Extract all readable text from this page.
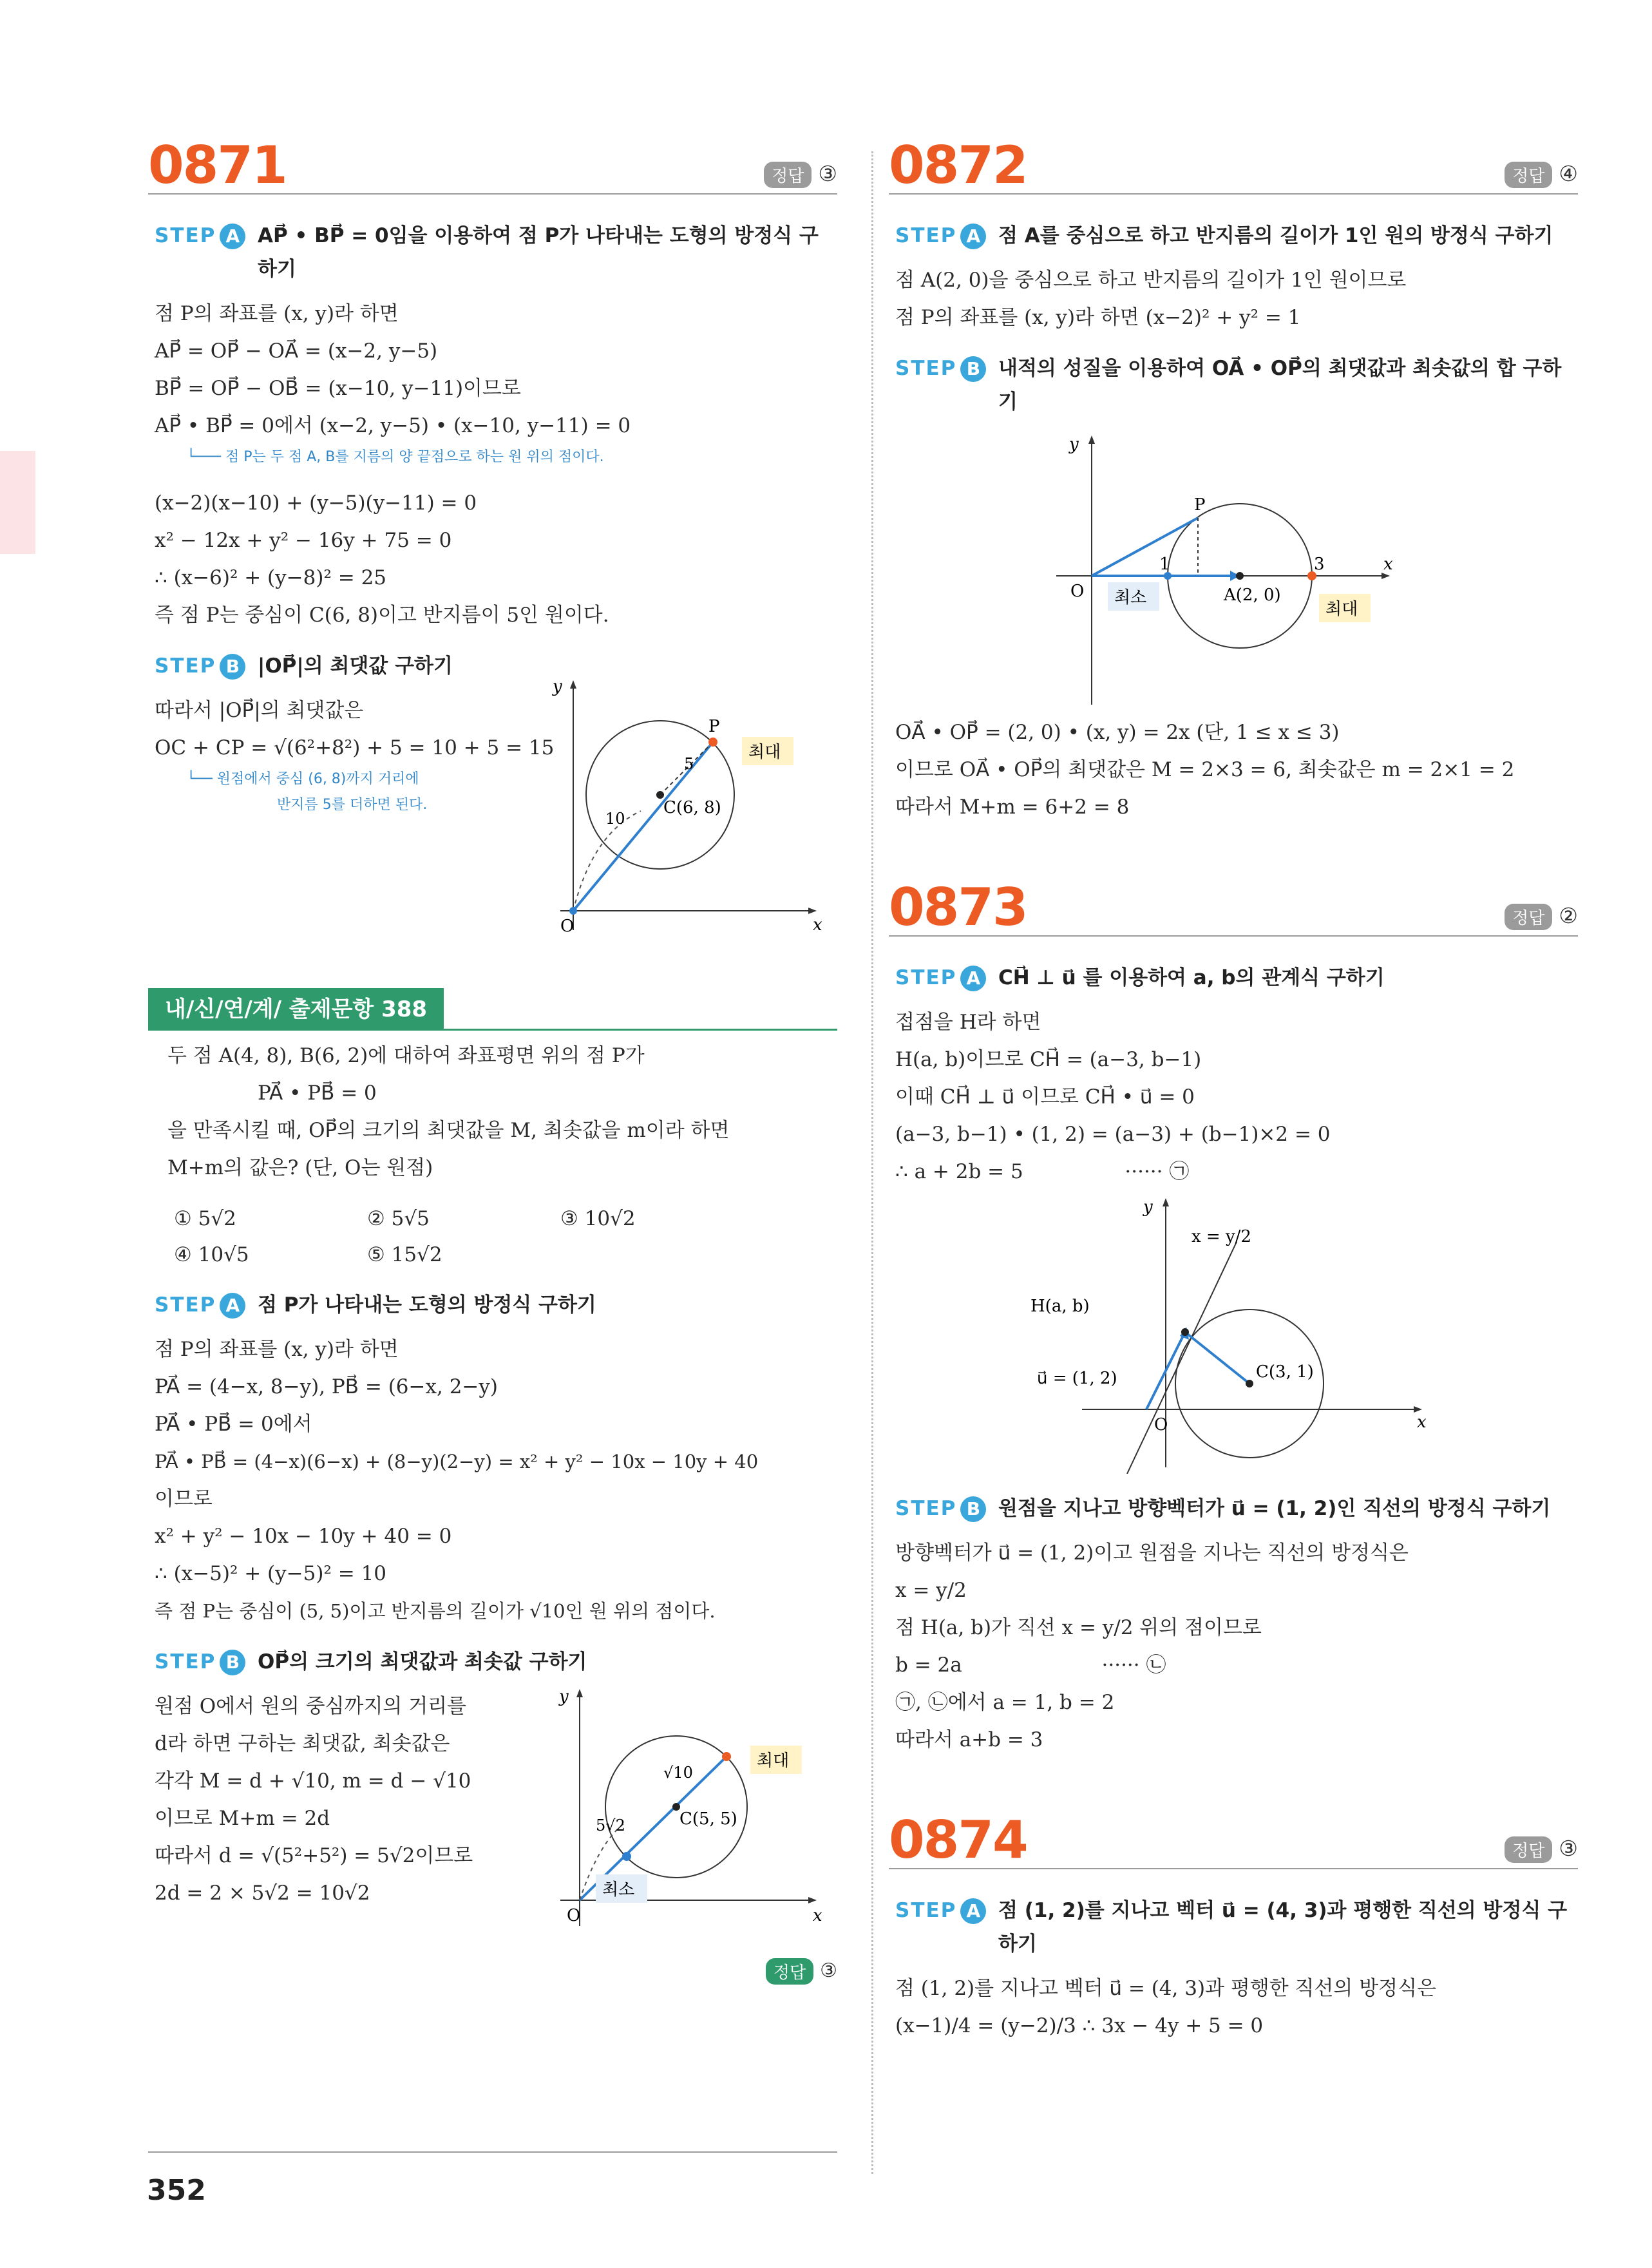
0871	정답 ③
STEP A AP⃗ • BP⃗ = 0임을 이용하여 점 P가 나타내는 도형의 방정식 구하기
점 P의 좌표를 (x, y)라 하면
AP⃗ = OP⃗ − OA⃗ = (x−2, y−5)
BP⃗ = OP⃗ − OB⃗ = (x−10, y−11)이므로
AP⃗ • BP⃗ = 0에서 (x−2, y−5) • (x−10, y−11) = 0
└─── 점 P는 두 점 A, B를 지름의 양 끝점으로 하는 원 위의 점이다.
(x−2)(x−10) + (y−5)(y−11) = 0
x² − 12x + y² − 16y + 75 = 0
∴ (x−6)² + (y−8)² = 25
즉 점 P는 중심이 C(6, 8)이고 반지름이 5인 원이다.
STEP B |OP⃗|의 최댓값 구하기
따라서 |OP⃗|의 최댓값은
OC + CP = √(6²+8²) + 5 = 10 + 5 = 15
└── 원점에서 중심 (6, 8)까지 거리에
반지름 5를 더하면 된다.
y
x
O
P
C(6, 8)
5
10
최대
내/신/연/계/ 출제문항 388
두 점 A(4, 8), B(6, 2)에 대하여 좌표평면 위의 점 P가
PA⃗ • PB⃗ = 0
을 만족시킬 때, OP⃗의 크기의 최댓값을 M, 최솟값을 m이라 하면
M+m의 값은? (단, O는 원점)
① 5√2	② 5√5	③ 10√2
④ 10√5	⑤ 15√2
STEP A 점 P가 나타내는 도형의 방정식 구하기
점 P의 좌표를 (x, y)라 하면
PA⃗ = (4−x, 8−y), PB⃗ = (6−x, 2−y)
PA⃗ • PB⃗ = 0에서
PA⃗ • PB⃗ = (4−x)(6−x) + (8−y)(2−y) = x² + y² − 10x − 10y + 40
이므로
x² + y² − 10x − 10y + 40 = 0
∴ (x−5)² + (y−5)² = 10
즉 점 P는 중심이 (5, 5)이고 반지름의 길이가 √10인 원 위의 점이다.
STEP B OP⃗의 크기의 최댓값과 최솟값 구하기
원점 O에서 원의 중심까지의 거리를
d라 하면 구하는 최댓값, 최솟값은
각각 M = d + √10, m = d − √10
이므로 M+m = 2d
따라서 d = √(5²+5²) = 5√2이므로
2d = 2 × 5√2 = 10√2
y
x
O
C(5, 5)
√10
5√2
최대
최소
정답 ③
352
0872	정답 ④
STEP A 점 A를 중심으로 하고 반지름의 길이가 1인 원의 방정식 구하기
점 A(2, 0)을 중심으로 하고 반지름의 길이가 1인 원이므로
점 P의 좌표를 (x, y)라 하면 (x−2)² + y² = 1
STEP B 내적의 성질을 이용하여 OA⃗ • OP⃗의 최댓값과 최솟값의 합 구하기
y
x
O
P
1	3
A(2, 0)
최소
최대
OA⃗ • OP⃗ = (2, 0) • (x, y) = 2x (단, 1 ≤ x ≤ 3)
이므로 OA⃗ • OP⃗의 최댓값은 M = 2×3 = 6, 최솟값은 m = 2×1 = 2
따라서 M+m = 6+2 = 8
0873	정답 ②
STEP A CH⃗ ⊥ u⃗ 를 이용하여 a, b의 관계식 구하기
접점을 H라 하면
H(a, b)이므로 CH⃗ = (a−3, b−1)
이때 CH⃗ ⊥ u⃗ 이므로 CH⃗ • u⃗ = 0
(a−3, b−1) • (1, 2) = (a−3) + (b−1)×2 = 0
∴ a + 2b = 5                ······ ㉠
y
x
O
H(a, b)
C(3, 1)
u⃗ = (1, 2)
x = y/2
STEP B 원점을 지나고 방향벡터가 u⃗ = (1, 2)인 직선의 방정식 구하기
방향벡터가 u⃗ = (1, 2)이고 원점을 지나는 직선의 방정식은
x = y/2
점 H(a, b)가 직선 x = y/2 위의 점이므로
b = 2a                      ······ ㉡
㉠, ㉡에서 a = 1, b = 2
따라서 a+b = 3
0874	정답 ③
STEP A 점 (1, 2)를 지나고 벡터 u⃗ = (4, 3)과 평행한 직선의 방정식 구하기
점 (1, 2)를 지나고 벡터 u⃗ = (4, 3)과 평행한 직선의 방정식은
(x−1)/4 = (y−2)/3 ∴ 3x − 4y + 5 = 0
